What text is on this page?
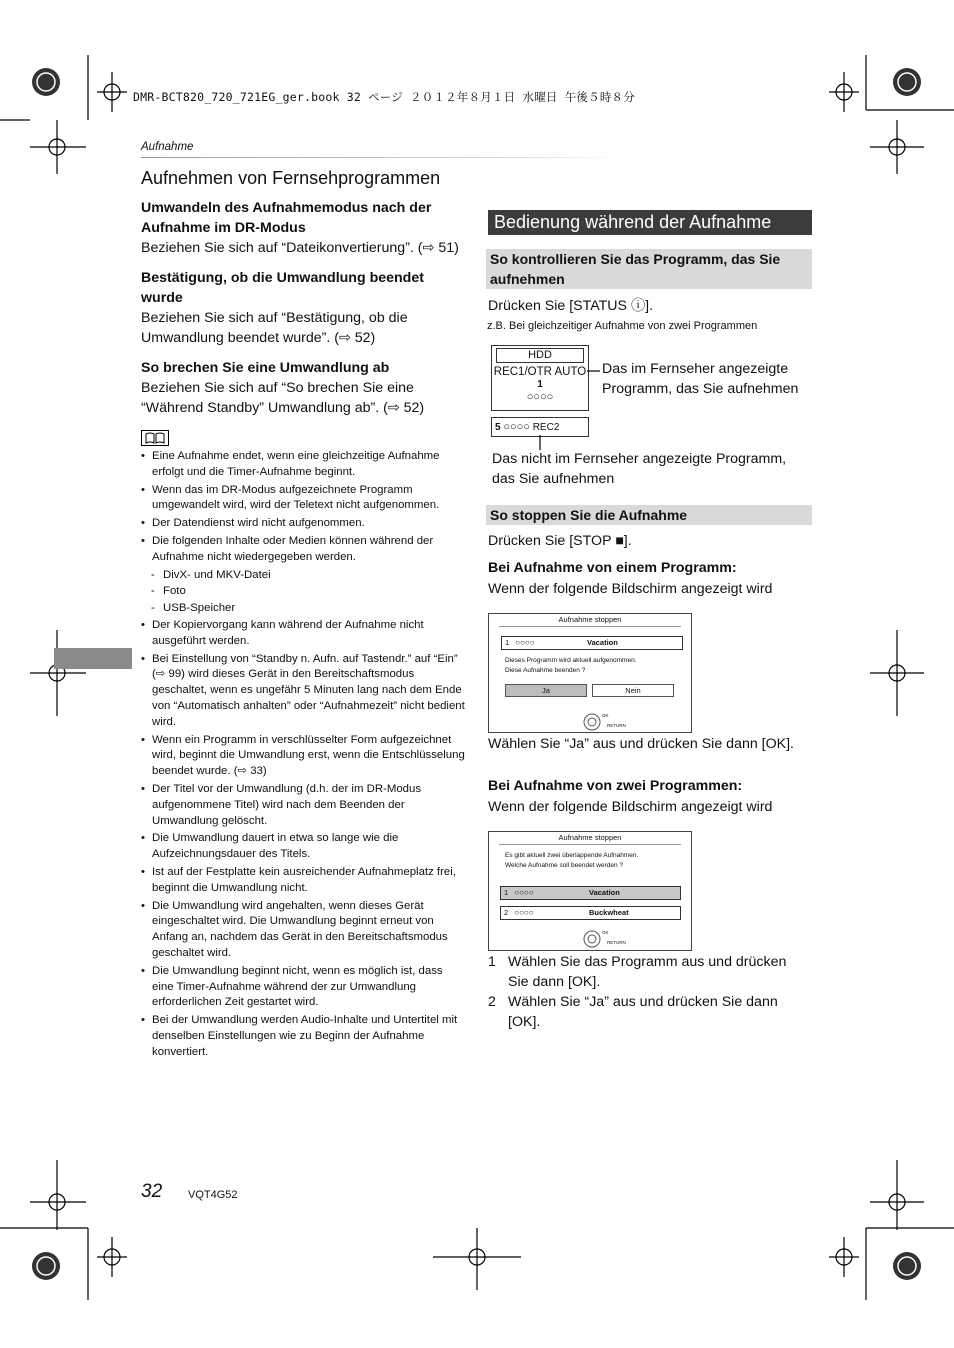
DMR-BCT820_720_721EG_ger.book 32 ページ ２０１２年８月１日 水曜日 午後５時８分
Aufnahme
Aufnehmen von Fernsehprogrammen
Umwandeln des Aufnahmemodus nach der Aufnahme im DR-Modus
Beziehen Sie sich auf “Dateikonvertierung”. (⇨ 51)
Bestätigung, ob die Umwandlung beendet wurde
Beziehen Sie sich auf “Bestätigung, ob die Umwandlung beendet wurde”. (⇨ 52)
So brechen Sie eine Umwandlung ab
Beziehen Sie sich auf “So brechen Sie eine “Während Standby” Umwandlung ab”. (⇨ 52)
• Eine Aufnahme endet, wenn eine gleichzeitige Aufnahme erfolgt und die Timer-Aufnahme beginnt.
• Wenn das im DR-Modus aufgezeichnete Programm umgewandelt wird, wird der Teletext nicht aufgenommen.
• Der Datendienst wird nicht aufgenommen.
• Die folgenden Inhalte oder Medien können während der Aufnahme nicht wiedergegeben werden.
- DivX- und MKV-Datei
- Foto
- USB-Speicher
• Der Kopiervorgang kann während der Aufnahme nicht ausgeführt werden.
• Bei Einstellung von “Standby n. Aufn. auf Tastendr.” auf “Ein” (⇨ 99) wird dieses Gerät in den Bereitschaftsmodus geschaltet, wenn es ungefähr 5 Minuten lang nach dem Ende von “Automatisch anhalten” oder “Aufnahmezeit” nicht bedient wird.
• Wenn ein Programm in verschlüsselter Form aufgezeichnet wird, beginnt die Umwandlung erst, wenn die Entschlüsselung beendet wurde. (⇨ 33)
• Der Titel vor der Umwandlung (d.h. der im DR-Modus aufgenommene Titel) wird nach dem Beenden der Umwandlung gelöscht.
• Die Umwandlung dauert in etwa so lange wie die Aufzeichnungsdauer des Titels.
• Ist auf der Festplatte kein ausreichender Aufnahmeplatz frei, beginnt die Umwandlung nicht.
• Die Umwandlung wird angehalten, wenn dieses Gerät eingeschaltet wird. Die Umwandlung beginnt erneut von Anfang an, nachdem das Gerät in den Bereitschaftsmodus geschaltet wird.
• Die Umwandlung beginnt nicht, wenn es möglich ist, dass eine Timer-Aufnahme während der zur Umwandlung erforderlichen Zeit gestartet wird.
• Bei der Umwandlung werden Audio-Inhalte und Untertitel mit denselben Einstellungen wie zu Beginn der Aufnahme konvertiert.
Bedienung während der Aufnahme
So kontrollieren Sie das Programm, das Sie aufnehmen
Drücken Sie [STATUS ⓘ].
z.B. Bei gleichzeitiger Aufnahme von zwei Programmen
HDD
REC1/OTR AUTO
1
○○○○
5 ○○○○ REC2
Das im Fernseher angezeigte Programm, das Sie aufnehmen
Das nicht im Fernseher angezeigte Programm, das Sie aufnehmen
So stoppen Sie die Aufnahme
Drücken Sie [STOP ■].
Bei Aufnahme von einem Programm:
Wenn der folgende Bildschirm angezeigt wird
Aufnahme stoppen
1 ○○○○	Vacation
Dieses Programm wird aktuell aufgenommen.
Diese Aufnahme beenden ?
Ja	Nein
OK
RETURN
Wählen Sie “Ja” aus und drücken Sie dann [OK].
Bei Aufnahme von zwei Programmen:
Wenn der folgende Bildschirm angezeigt wird
Aufnahme stoppen
Es gibt aktuell zwei überlappende Aufnahmen.
Welche Aufnahme soll beendet werden ?
1 ○○○○	Vacation
2 ○○○○	Buckwheat
OK
RETURN
1 Wählen Sie das Programm aus und drücken Sie dann [OK].
2 Wählen Sie “Ja” aus und drücken Sie dann [OK].
32 VQT4G52
